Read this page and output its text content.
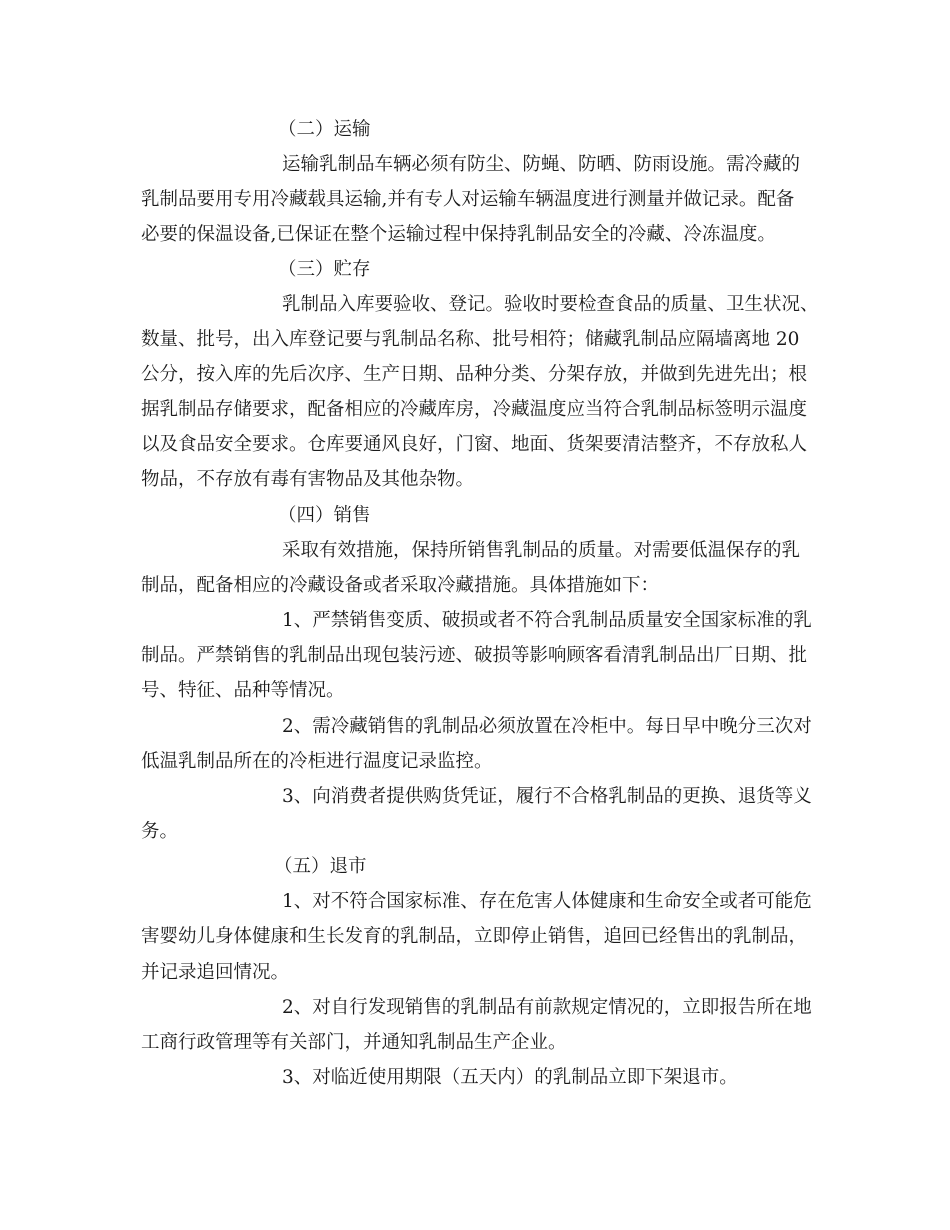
（二）运输
运输乳制品车辆必须有防尘、防蝇、防晒、防雨设施。需冷藏的
乳制品要用专用冷藏载具运输,并有专人对运输车辆温度进行测量并做记录。配备
必要的保温设备,已保证在整个运输过程中保持乳制品安全的冷藏、冷冻温度。
（三）贮存
乳制品入库要验收、登记。验收时要检查食品的质量、卫生状况、
数量、批号，出入库登记要与乳制品名称、批号相符；储藏乳制品应隔墙离地 20
公分，按入库的先后次序、生产日期、品种分类、分架存放，并做到先进先出；根
据乳制品存储要求，配备相应的冷藏库房，冷藏温度应当符合乳制品标签明示温度
以及食品安全要求。仓库要通风良好，门窗、地面、货架要清洁整齐，不存放私人
物品，不存放有毒有害物品及其他杂物。
（四）销售
采取有效措施，保持所销售乳制品的质量。对需要低温保存的乳
制品，配备相应的冷藏设备或者采取冷藏措施。具体措施如下：
1、严禁销售变质、破损或者不符合乳制品质量安全国家标准的乳
制品。严禁销售的乳制品出现包装污迹、破损等影响顾客看清乳制品出厂日期、批
号、特征、品种等情况。
2、需冷藏销售的乳制品必须放置在冷柜中。每日早中晚分三次对
低温乳制品所在的冷柜进行温度记录监控。
3、向消费者提供购货凭证，履行不合格乳制品的更换、退货等义
务。
（五）退市
1、对不符合国家标准、存在危害人体健康和生命安全或者可能危
害婴幼儿身体健康和生长发育的乳制品，立即停止销售，追回已经售出的乳制品，
并记录追回情况。
2、对自行发现销售的乳制品有前款规定情况的，立即报告所在地
工商行政管理等有关部门，并通知乳制品生产企业。
3、对临近使用期限（五天内）的乳制品立即下架退市。
